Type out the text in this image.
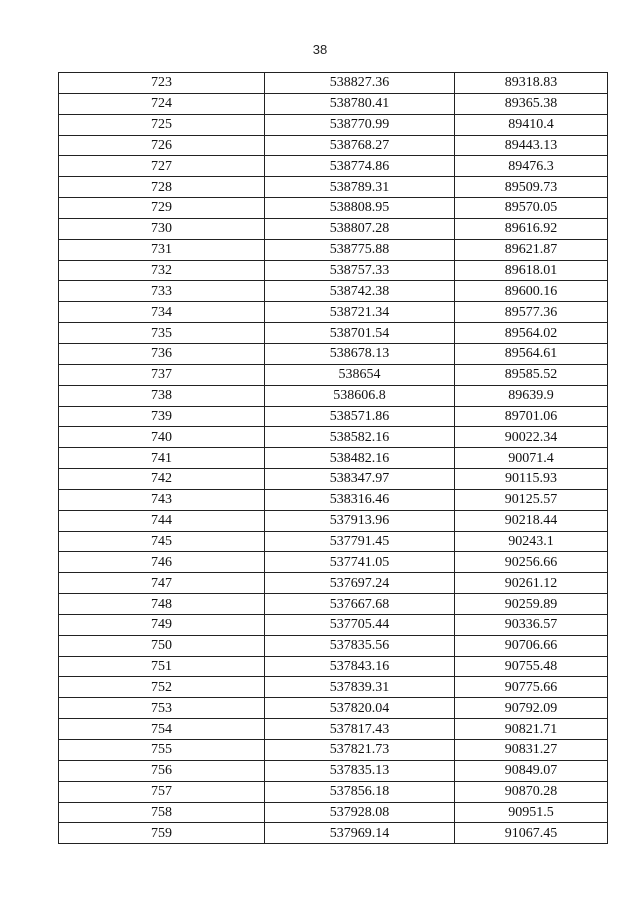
38
723	538827.36	89318.83
724	538780.41	89365.38
725	538770.99	89410.4
726	538768.27	89443.13
727	538774.86	89476.3
728	538789.31	89509.73
729	538808.95	89570.05
730	538807.28	89616.92
731	538775.88	89621.87
732	538757.33	89618.01
733	538742.38	89600.16
734	538721.34	89577.36
735	538701.54	89564.02
736	538678.13	89564.61
737	538654	89585.52
738	538606.8	89639.9
739	538571.86	89701.06
740	538582.16	90022.34
741	538482.16	90071.4
742	538347.97	90115.93
743	538316.46	90125.57
744	537913.96	90218.44
745	537791.45	90243.1
746	537741.05	90256.66
747	537697.24	90261.12
748	537667.68	90259.89
749	537705.44	90336.57
750	537835.56	90706.66
751	537843.16	90755.48
752	537839.31	90775.66
753	537820.04	90792.09
754	537817.43	90821.71
755	537821.73	90831.27
756	537835.13	90849.07
757	537856.18	90870.28
758	537928.08	90951.5
759	537969.14	91067.45
